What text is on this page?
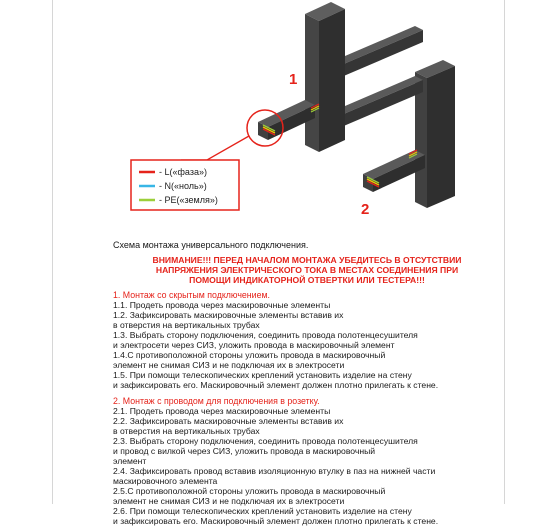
1
2
- L(«фаза»)
- N(«ноль»)
- PE(«земля»)

Схема монтажа универсального подключения.

ВНИМАНИЕ!!! ПЕРЕД НАЧАЛОМ МОНТАЖА УБЕДИТЕСЬ В ОТСУТСТВИИ
НАПРЯЖЕНИЯ ЭЛЕКТРИЧЕСКОГО ТОКА В МЕСТАХ СОЕДИНЕНИЯ ПРИ
ПОМОЩИ ИНДИКАТОРНОЙ ОТВЕРТКИ ИЛИ ТЕСТЕРА!!!

1. Монтаж со скрытым подключением.

1.1. Продеть провода через маскировочные элементы

1.2. Зафиксировать маскировочные элементы вставив их
в отверстия на вертикальных трубах

1.3. Выбрать сторону подключения, соединить провода полотенцесушителя
и электросети через СИЗ, уложить провода в маскировочный элемент

1.4.С противоположной стороны уложить провода в маскировочный
элемент не снимая СИЗ и не подключая их в электросети

1.5. При помощи телескопических креплений установить изделие на стену
и зафиксировать его. Маскировочный элемент должен плотно прилегать к стене.

2. Монтаж с проводом для подключения в розетку.

2.1. Продеть провода через маскировочные элементы

2.2. Зафиксировать маскировочные элементы вставив их
в отверстия на вертикальных трубах

2.3. Выбрать сторону подключения, соединить провода полотенцесушителя
и провод с вилкой через СИЗ, уложить провода в маскировочный
элемент

2.4. Зафиксировать провод вставив изоляционную втулку в паз на нижней части
маскировочного элемента

2.5.С противоположной стороны уложить провода в маскировочный
элемент не снимая СИЗ и не подключая их в электросети

2.6. При помощи телескопических креплений установить изделие на стену
и зафиксировать его. Маскировочный элемент должен плотно прилегать к стене.
